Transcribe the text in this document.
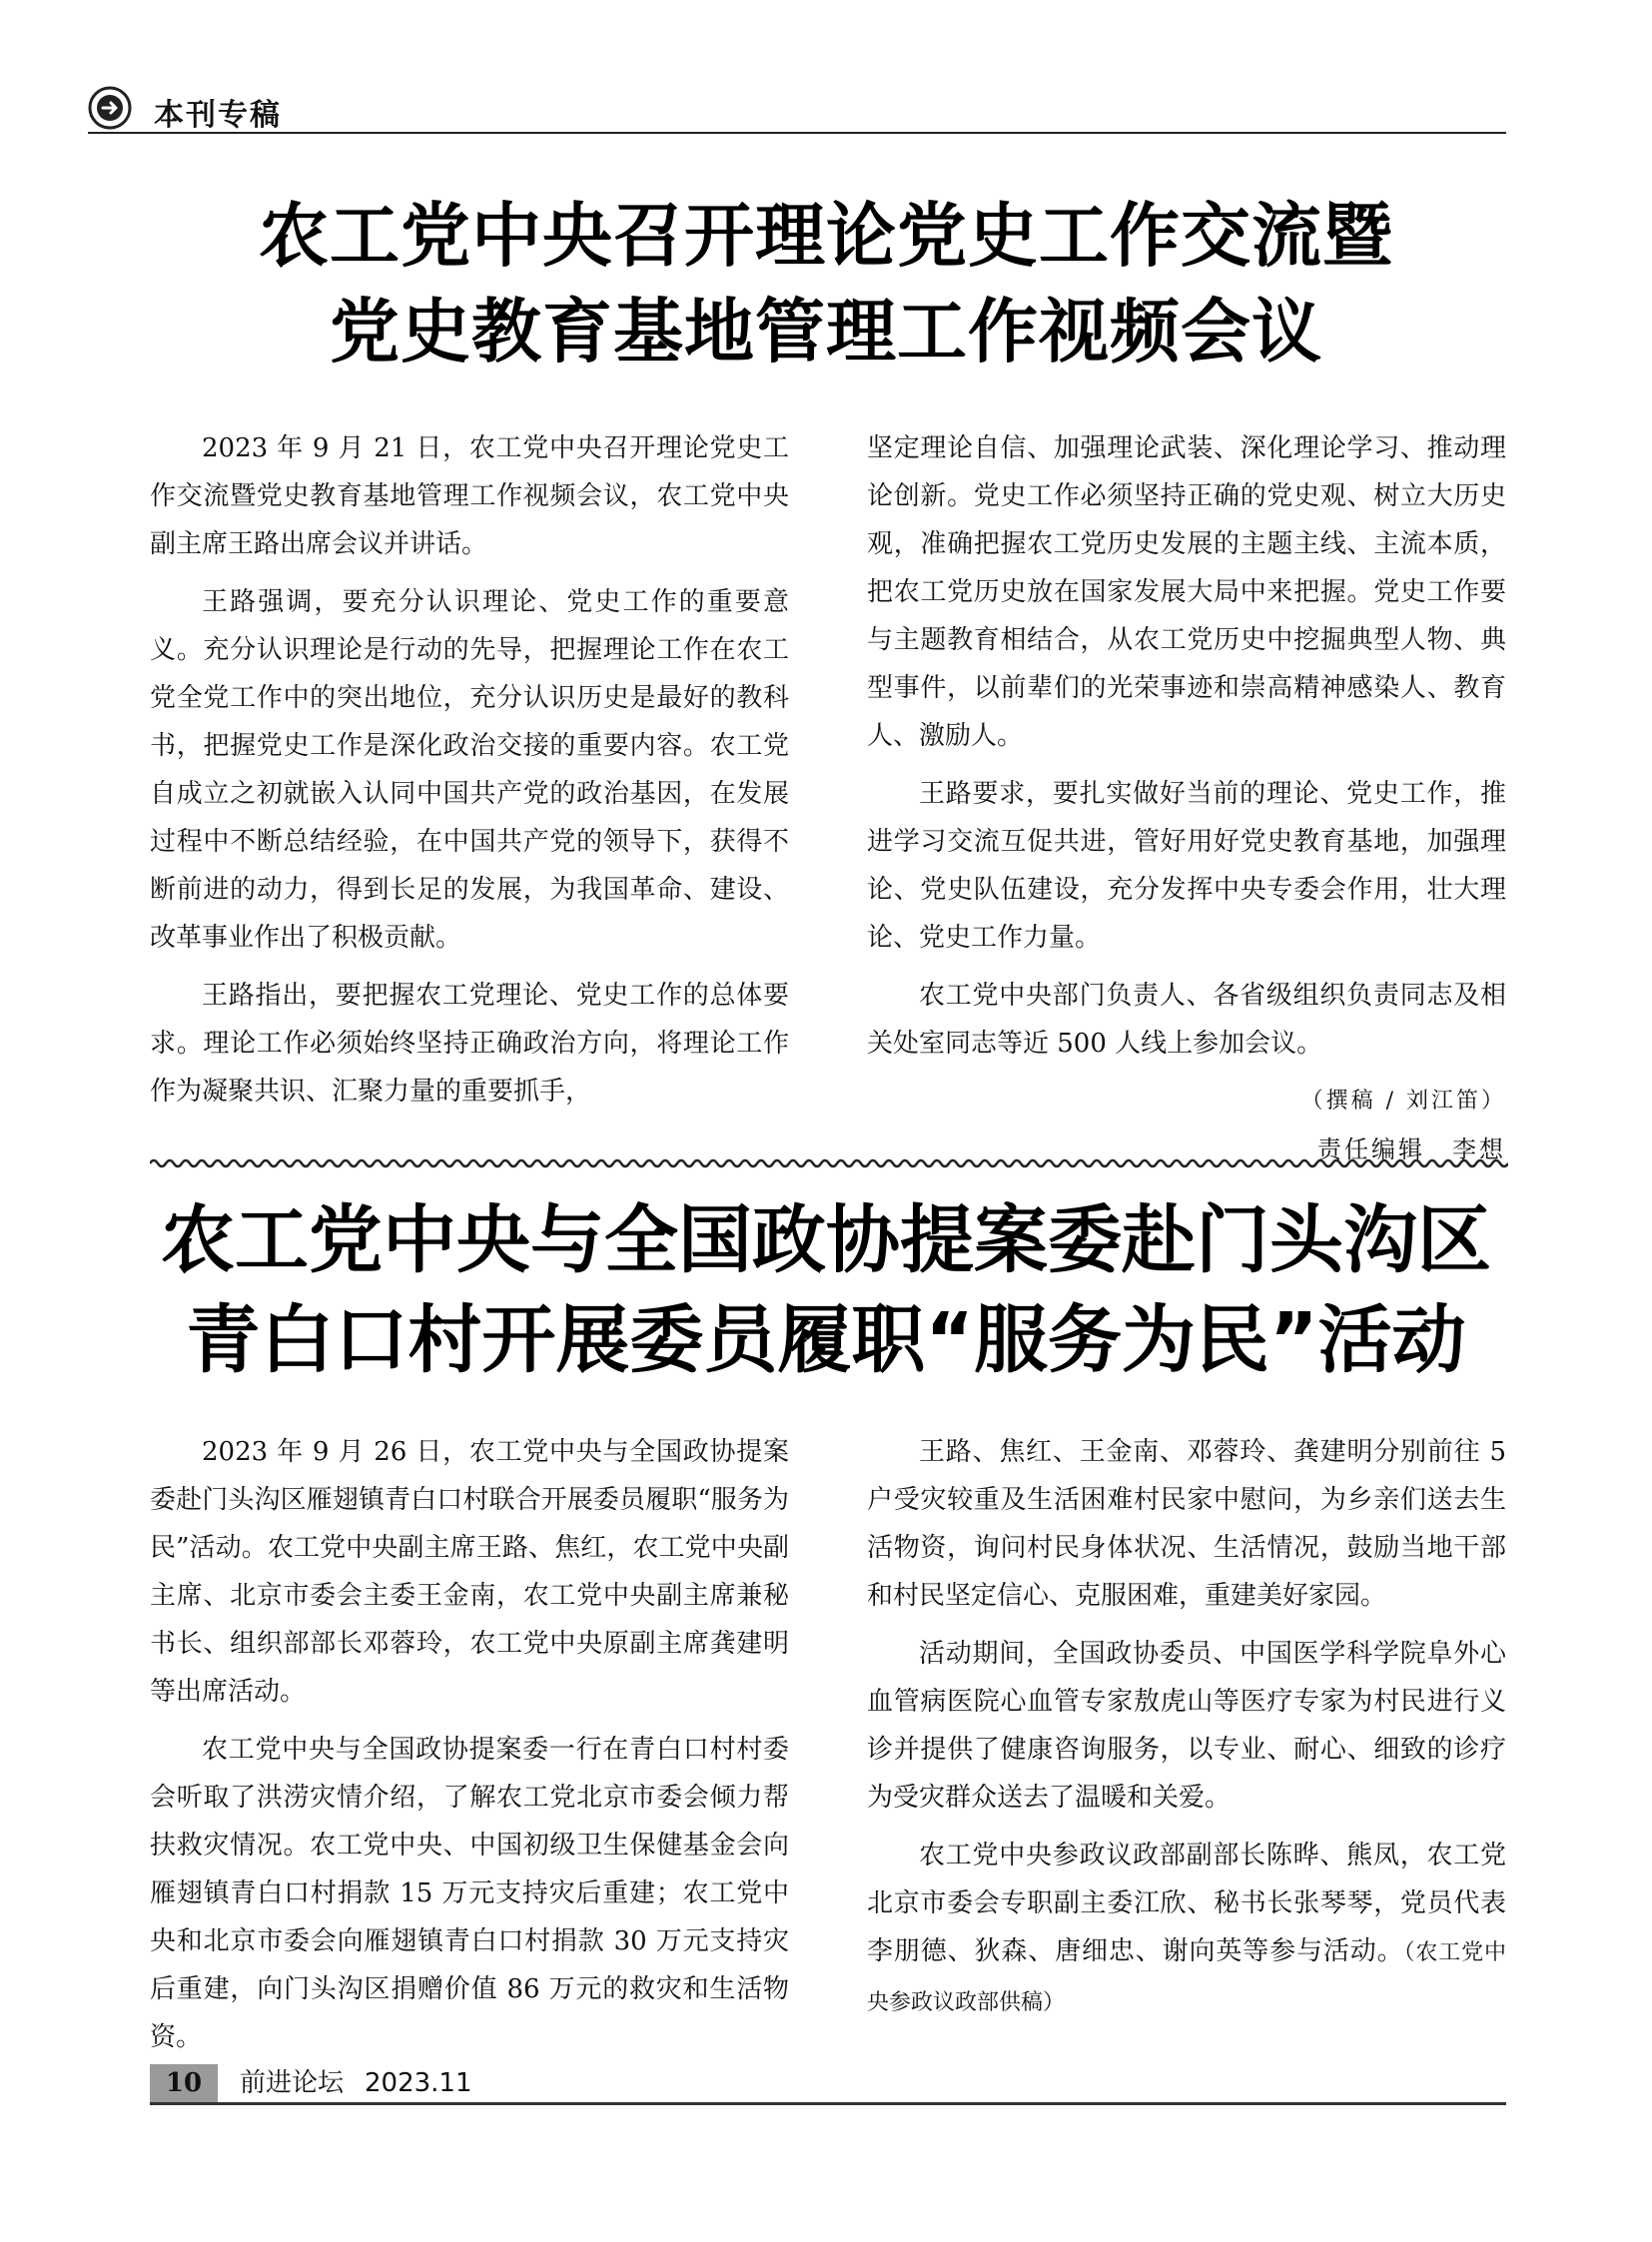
本刊专稿
农工党中央召开理论党史工作交流暨
党史教育基地管理工作视频会议

2023 年 9 月 21 日，农工党中央召开理论党史工作交流暨党史教育基地管理工作视频会议，农工党中央副主席王路出席会议并讲话。

王路强调，要充分认识理论、党史工作的重要意义。充分认识理论是行动的先导，把握理论工作在农工党全党工作中的突出地位，充分认识历史是最好的教科书，把握党史工作是深化政治交接的重要内容。农工党自成立之初就嵌入认同中国共产党的政治基因，在发展过程中不断总结经验，在中国共产党的领导下，获得不断前进的动力，得到长足的发展，为我国革命、建设、改革事业作出了积极贡献。

王路指出，要把握农工党理论、党史工作的总体要求。理论工作必须始终坚持正确政治方向，将理论工作作为凝聚共识、汇聚力量的重要抓手，

坚定理论自信、加强理论武装、深化理论学习、推动理论创新。党史工作必须坚持正确的党史观、树立大历史观，准确把握农工党历史发展的主题主线、主流本质，把农工党历史放在国家发展大局中来把握。党史工作要与主题教育相结合，从农工党历史中挖掘典型人物、典型事件，以前辈们的光荣事迹和崇高精神感染人、教育人、激励人。

王路要求，要扎实做好当前的理论、党史工作，推进学习交流互促共进，管好用好党史教育基地，加强理论、党史队伍建设，充分发挥中央专委会作用，壮大理论、党史工作力量。

农工党中央部门负责人、各省级组织负责同志及相关处室同志等近 500 人线上参加会议。

（撰稿 / 刘江笛）
责任编辑　李想
农工党中央与全国政协提案委赴门头沟区
青白口村开展委员履职“服务为民”活动

2023 年 9 月 26 日，农工党中央与全国政协提案委赴门头沟区雁翅镇青白口村联合开展委员履职“服务为民”活动。农工党中央副主席王路、焦红，农工党中央副主席、北京市委会主委王金南，农工党中央副主席兼秘书长、组织部部长邓蓉玲，农工党中央原副主席龚建明等出席活动。

农工党中央与全国政协提案委一行在青白口村村委会听取了洪涝灾情介绍，了解农工党北京市委会倾力帮扶救灾情况。农工党中央、中国初级卫生保健基金会向雁翅镇青白口村捐款 15 万元支持灾后重建；农工党中央和北京市委会向雁翅镇青白口村捐款 30 万元支持灾后重建，向门头沟区捐赠价值 86 万元的救灾和生活物资。

王路、焦红、王金南、邓蓉玲、龚建明分别前往 5 户受灾较重及生活困难村民家中慰问，为乡亲们送去生活物资，询问村民身体状况、生活情况，鼓励当地干部和村民坚定信心、克服困难，重建美好家园。

活动期间，全国政协委员、中国医学科学院阜外心血管病医院心血管专家敖虎山等医疗专家为村民进行义诊并提供了健康咨询服务，以专业、耐心、细致的诊疗为受灾群众送去了温暖和关爱。

农工党中央参政议政部副部长陈晔、熊凤，农工党北京市委会专职副主委江欣、秘书长张琴琴，党员代表李朋德、狄森、唐细忠、谢向英等参与活动。（农工党中央参政议政部供稿）

10	前进论坛 2023.11
